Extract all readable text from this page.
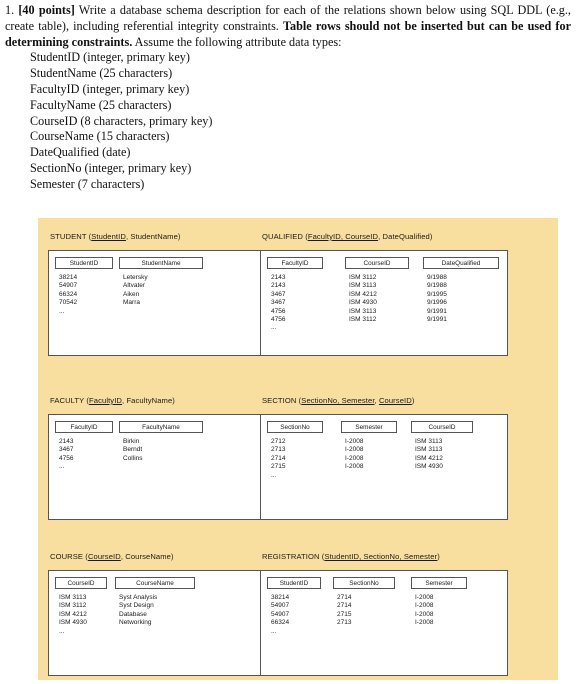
1. [40 points] Write a database schema description for each of the relations shown below using SQL DDL (e.g., create table), including referential integrity constraints. Table rows should not be inserted but can be used for determining constraints. Assume the following attribute data types:

StudentID (integer, primary key)
StudentName (25 characters)
FacultyID (integer, primary key)
FacultyName (25 characters)
CourseID (8 characters, primary key)
CourseName (15 characters)
DateQualified (date)
SectionNo (integer, primary key)
Semester (7 characters)
STUDENT (StudentID, StudentName)
StudentID
38214
54907
66324
70542
...
StudentName
Letersky
Altvater
Aiken
Marra
QUALIFIED (FacultyID, CourseID, DateQualified)
FacultyID
2143
2143
3467
3467
4756
4756
...
CourseID
ISM 3112
ISM 3113
ISM 4212
ISM 4930
ISM 3113
ISM 3112
DateQualified
9/1988
9/1988
9/1995
9/1996
9/1991
9/1991
FACULTY (FacultyID, FacultyName)
FacultyID
2143
3467
4756
...
FacultyName
Birkin
Berndt
Collins
SECTION (SectionNo, Semester, CourseID)
SectionNo
2712
2713
2714
2715
...
Semester
I-2008
I-2008
I-2008
I-2008
CourseID
ISM 3113
ISM 3113
ISM 4212
ISM 4930
COURSE (CourseID, CourseName)
CourseID
ISM 3113
ISM 3112
ISM 4212
ISM 4930
...
CourseName
Syst Analysis
Syst Design
Database
Networking
REGISTRATION (StudentID, SectionNo, Semester)
StudentID
38214
54907
54907
66324
...
SectionNo
2714
2714
2715
2713
Semester
I-2008
I-2008
I-2008
I-2008
